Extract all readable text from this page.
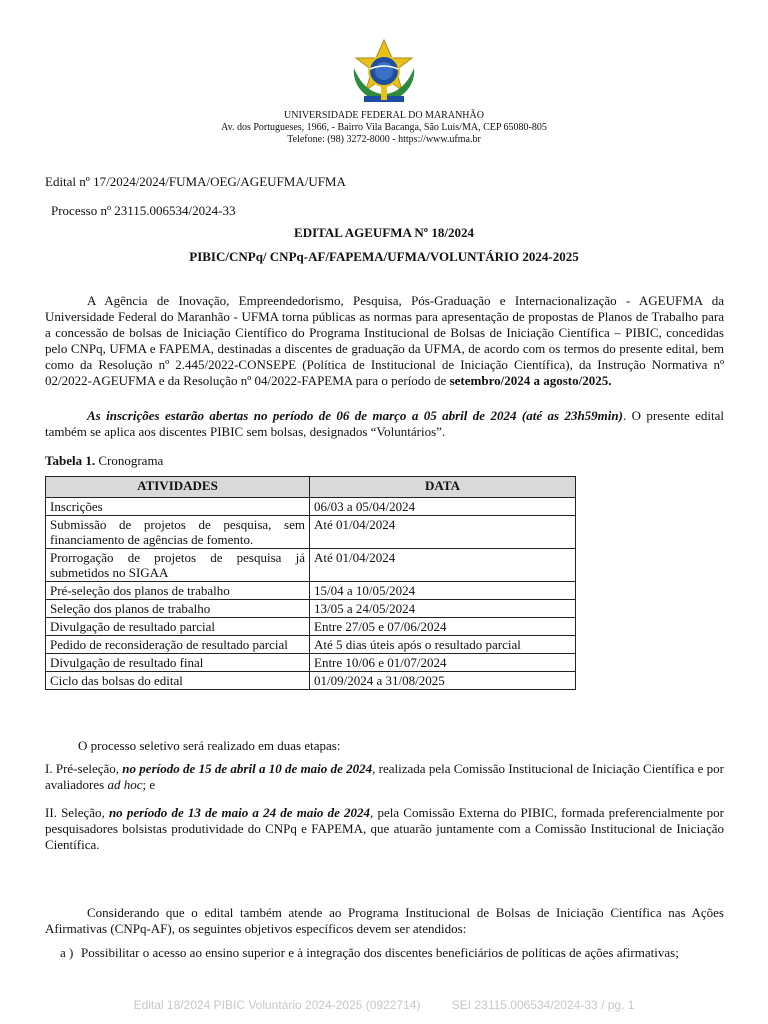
UNIVERSIDADE FEDERAL DO MARANHÃO
Av. dos Portugueses, 1966, - Bairro Vila Bacanga, São Luís/MA, CEP 65080-805
Telefone: (98) 3272-8000 - https://www.ufma.br
Edital nº 17/2024/2024/FUMA/OEG/AGEUFMA/UFMA
Processo nº 23115.006534/2024-33
EDITAL AGEUFMA Nº 18/2024
PIBIC/CNPq/ CNPq-AF/FAPEMA/UFMA/VOLUNTÁRIO 2024-2025
A Agência de Inovação, Empreendedorismo, Pesquisa, Pós-Graduação e Internacionalização - AGEUFMA da Universidade Federal do Maranhão - UFMA torna públicas as normas para apresentação de propostas de Planos de Trabalho para a concessão de bolsas de Iniciação Científico do Programa Institucional de Bolsas de Iniciação Científica – PIBIC, concedidas pelo CNPq, UFMA e FAPEMA, destinadas a discentes de graduação da UFMA, de acordo com os termos do presente edital, bem como da Resolução nº 2.445/2022-CONSEPE (Política de Institucional de Iniciação Científica), da Instrução Normativa nº 02/2022-AGEUFMA e da Resolução nº 04/2022-FAPEMA para o período de setembro/2024 a agosto/2025.
As inscrições estarão abertas no período de 06 de março a 05 abril de 2024 (até as 23h59min). O presente edital também se aplica aos discentes PIBIC sem bolsas, designados “Voluntários”.
Tabela 1. Cronograma
ATIVIDADES	DATA
Inscrições	06/03 a 05/04/2024
Submissão de projetos de pesquisa, sem financiamento de agências de fomento.	Até 01/04/2024
Prorrogação de projetos de pesquisa já submetidos no SIGAA	Até 01/04/2024
Pré-seleção dos planos de trabalho	15/04 a 10/05/2024
Seleção dos planos de trabalho	13/05 a 24/05/2024
Divulgação de resultado parcial	Entre 27/05 e 07/06/2024
Pedido de reconsideração de resultado parcial	Até 5 dias úteis após o resultado parcial
Divulgação de resultado final	Entre 10/06 e 01/07/2024
Ciclo das bolsas do edital	01/09/2024 a 31/08/2025
O processo seletivo será realizado em duas etapas:
I. Pré-seleção, no período de 15 de abril a 10 de maio de 2024, realizada pela Comissão Institucional de Iniciação Científica e por avaliadores ad hoc; e
II. Seleção, no período de 13 de maio a 24 de maio de 2024, pela Comissão Externa do PIBIC, formada preferencialmente por pesquisadores bolsistas produtividade do CNPq e FAPEMA, que atuarão juntamente com a Comissão Institucional de Iniciação Científica.
Considerando que o edital também atende ao Programa Institucional de Bolsas de Iniciação Científica nas Ações Afirmativas (CNPq-AF), os seguintes objetivos específicos devem ser atendidos:
a ) Possibilitar o acesso ao ensino superior e à integração dos discentes beneficiários de políticas de ações afirmativas;
Edital 18/2024 PIBIC Voluntário 2024-2025 (0922714)	SEI 23115.006534/2024-33 / pg. 1
